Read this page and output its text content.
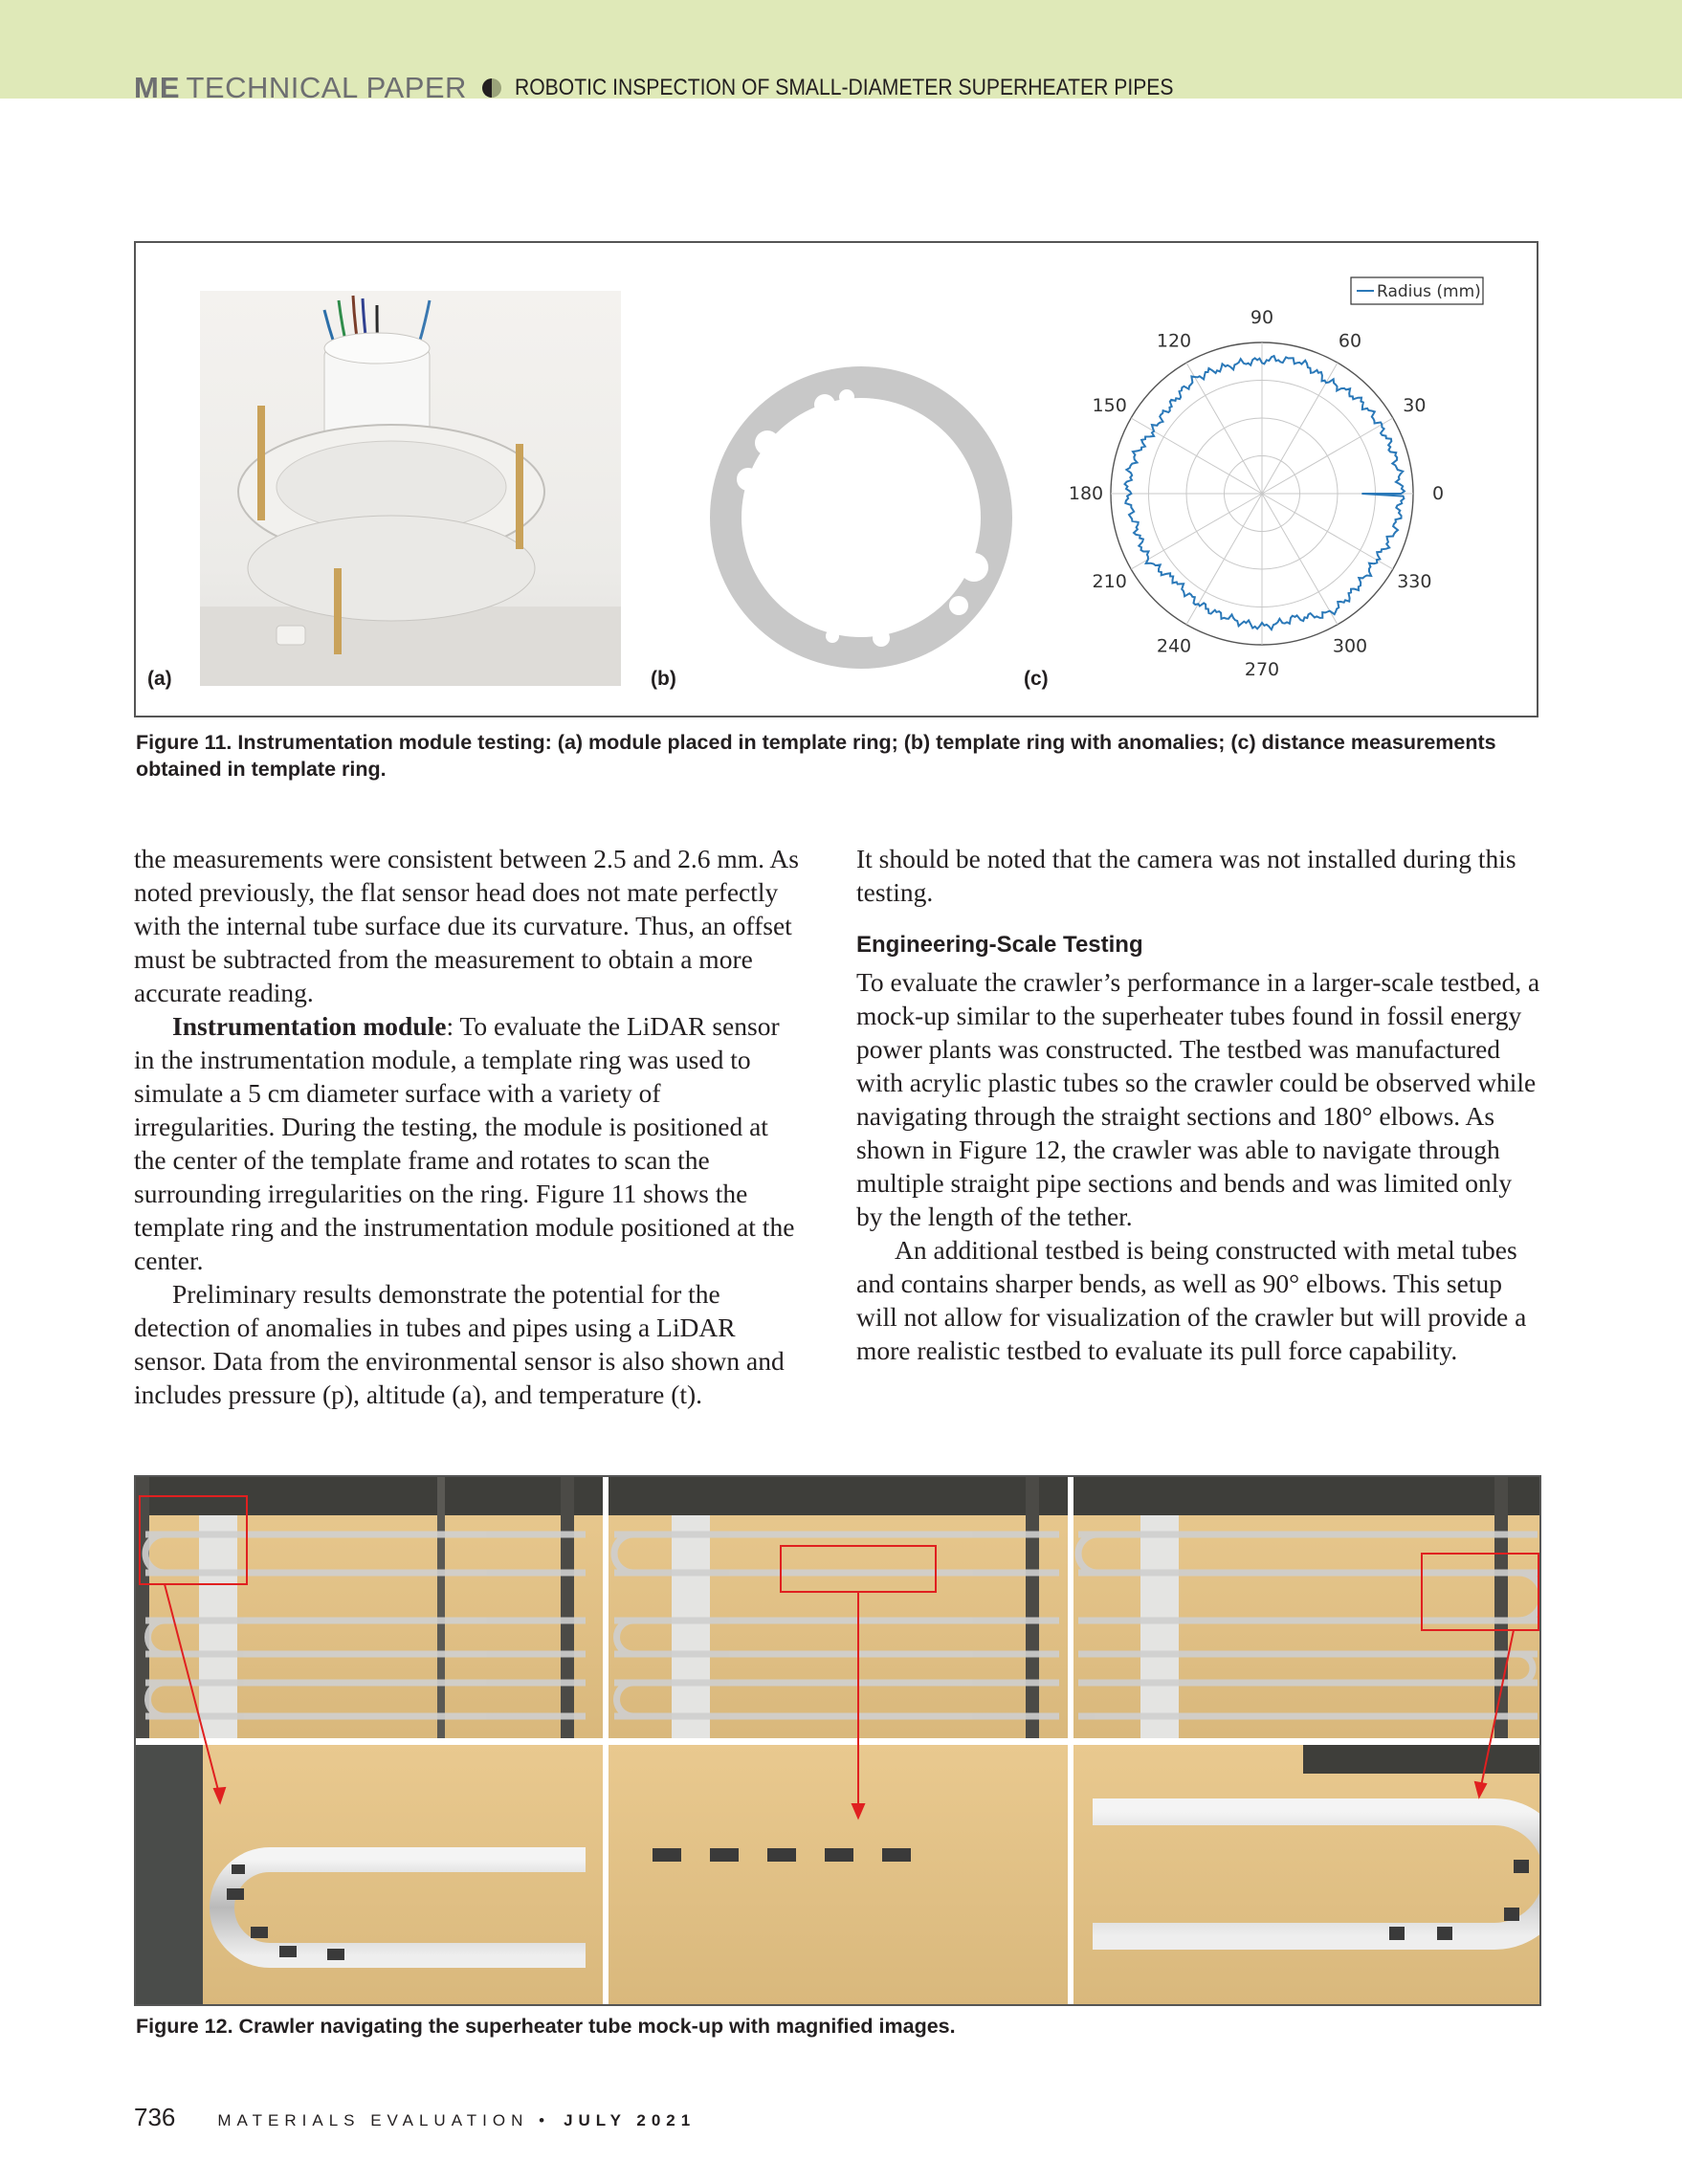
ME TECHNICAL PAPER ROBOTIC INSPECTION OF SMALL-DIAMETER SUPERHEATER PIPES
(a)	(b)	(c)
0
30
60
90
120
150
180
210
240
270
300
330
Radius (mm)
Figure 11. Instrumentation module testing: (a) module placed in template ring; (b) template ring with anomalies; (c) distance measurements obtained in template ring.

the measurements were consistent between 2.5 and 2.6 mm. As noted previously, the flat sensor head does not mate perfectly with the internal tube surface due its curvature. Thus, an offset must be subtracted from the measurement to obtain a more accurate reading.

Instrumentation module: To evaluate the LiDAR sensor in the instrumentation module, a template ring was used to simulate a 5 cm diameter surface with a variety of irregularities. During the testing, the module is positioned at the center of the template frame and rotates to scan the surrounding irregularities on the ring. Figure 11 shows the template ring and the instrumentation module positioned at the center.

Preliminary results demonstrate the potential for the detection of anomalies in tubes and pipes using a LiDAR sensor. Data from the environmental sensor is also shown and includes pressure (p), altitude (a), and temperature (t).

It should be noted that the camera was not installed during this testing.

Engineering-Scale Testing

To evaluate the crawler’s performance in a larger-scale testbed, a mock-up similar to the superheater tubes found in fossil energy power plants was constructed. The testbed was manufactured with acrylic plastic tubes so the crawler could be observed while navigating through the straight sections and 180° elbows. As shown in Figure 12, the crawler was able to navigate through multiple straight pipe sections and bends and was limited only by the length of the tether.

An additional testbed is being constructed with metal tubes and contains sharper bends, as well as 90° elbows. This setup will not allow for visualization of the crawler but will provide a more realistic testbed to evaluate its pull force capability.

Figure 12. Crawler navigating the superheater tube mock-up with magnified images.
736	MATERIALS EVALUATION • JULY 2021
